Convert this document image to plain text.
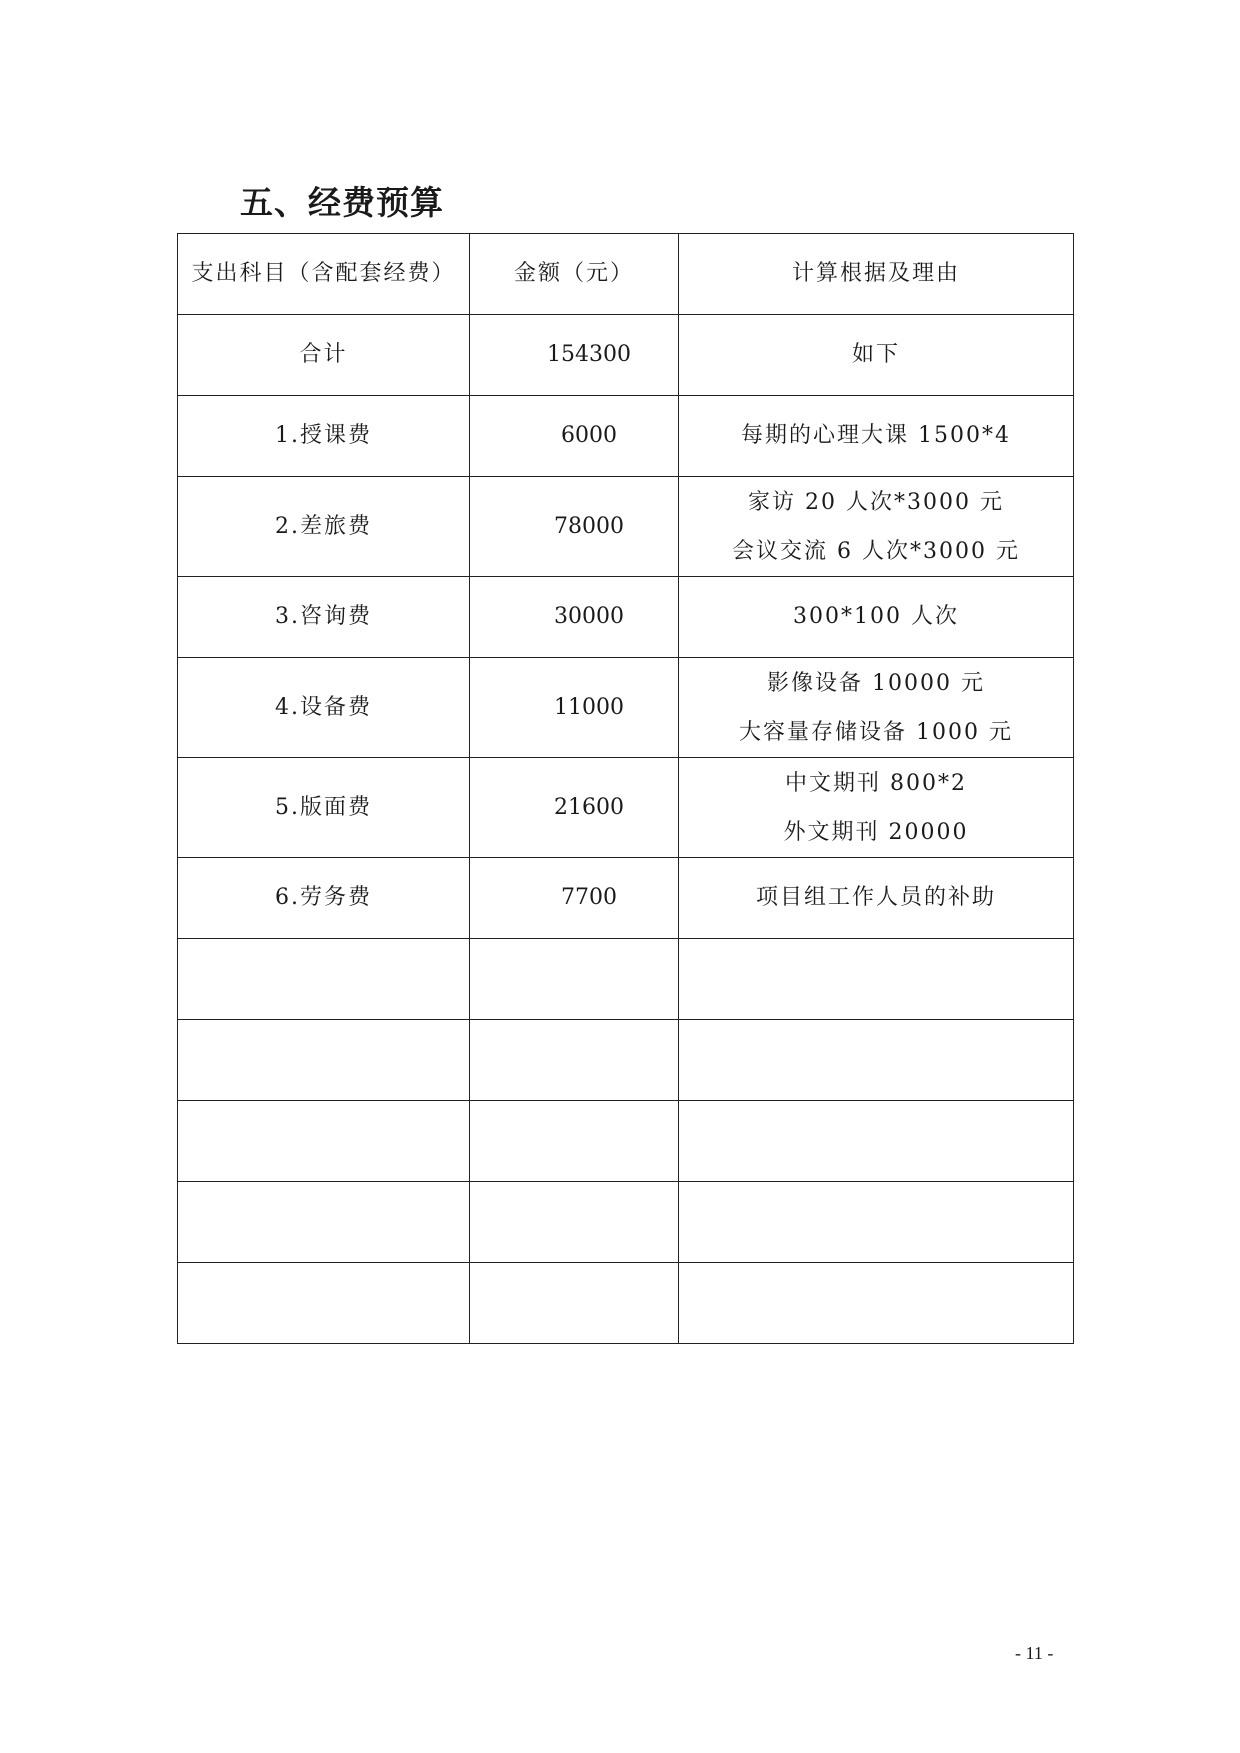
五、经费预算
支出科目（含配套经费）	金额（元）	计算根据及理由
合计	154300	如下
1.授课费	6000	每期的心理大课 1500*4
2.差旅费	78000	家访 20 人次*3000 元
会议交流 6 人次*3000 元

3.咨询费	30000	300*100 人次
4.设备费	11000	影像设备 10000 元
大容量存储设备 1000 元

5.版面费	21600	中文期刊 800*2
外文期刊 20000

6.劳务费	7700	项目组工作人员的补助

- 11 -
